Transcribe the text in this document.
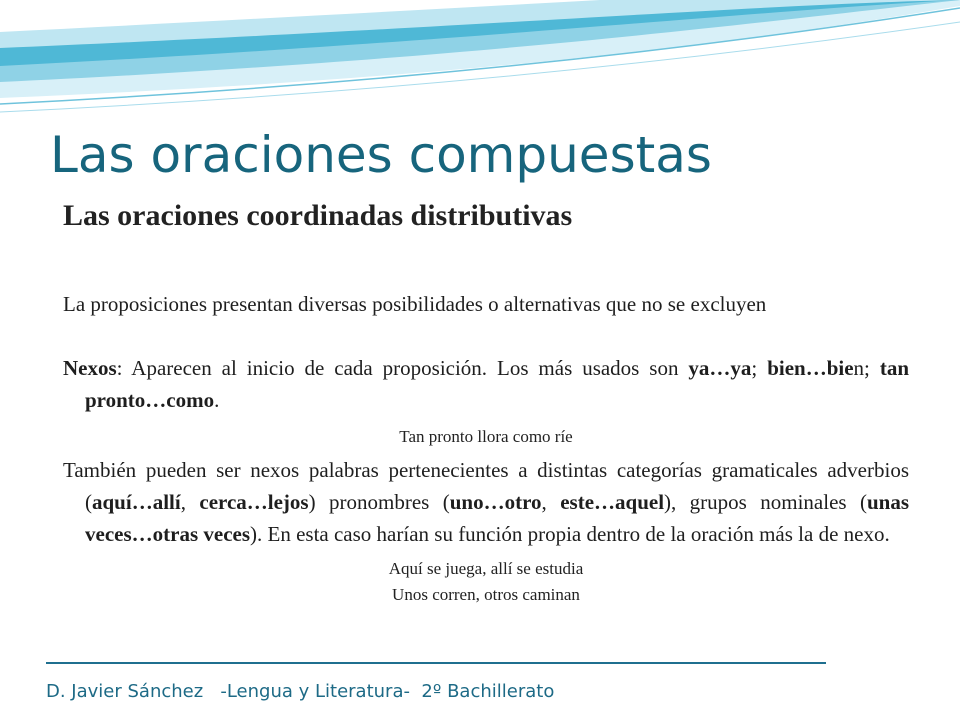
Las oraciones compuestas
Las oraciones coordinadas distributivas

La proposiciones presentan diversas posibilidades o alternativas que no se excluyen

Nexos: Aparecen al inicio de cada proposición. Los más usados son ya…ya; bien…bien; tan pronto…como.

Tan pronto llora como ríe

También pueden ser nexos palabras pertenecientes a distintas categorías gramaticales adverbios (aquí…allí, cerca…lejos) pronombres (uno…otro, este…aquel), grupos nominales (unas veces…otras veces). En esta caso harían su función propia dentro de la oración más la de nexo.

Aquí se juega, allí se estudia

Unos corren, otros caminan

D. Javier Sánchez   -Lengua y Literatura-  2º Bachillerato
